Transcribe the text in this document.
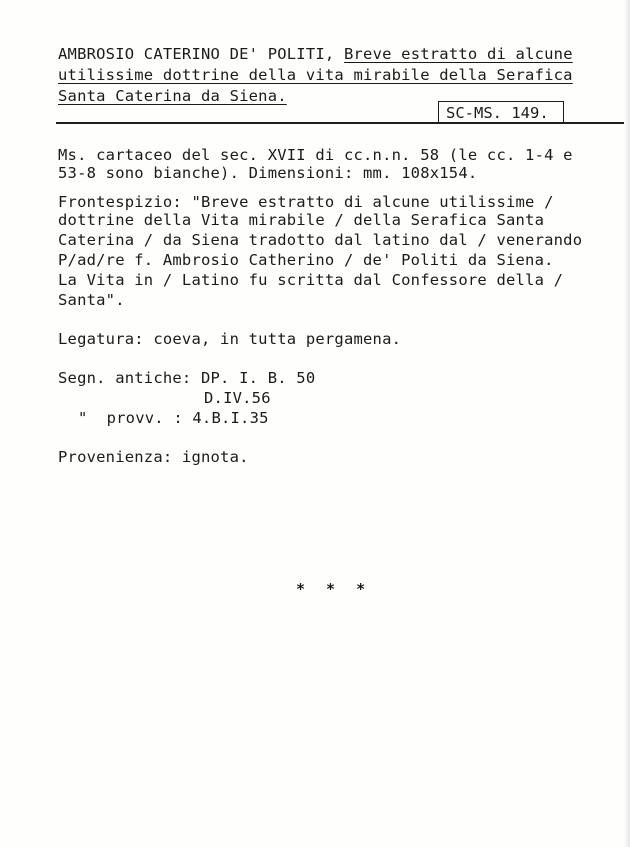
AMBROSIO CATERINO DE' POLITI, Breve estratto di alcune
utilissime dottrine della vita mirabile della Serafica
Santa Caterina da Siena.
SC-MS. 149.
Ms. cartaceo del sec. XVII di cc.n.n. 58 (le cc. 1-4 e
53-8 sono bianche). Dimensioni: mm. 108x154.
Frontespizio: "Breve estratto di alcune utilissime /
dottrine della Vita mirabile / della Serafica Santa
Caterina / da Siena tradotto dal latino dal / venerando
P/ad/re f. Ambrosio Catherino / de' Politi da Siena.
La Vita in / Latino fu scritta dal Confessore della /
Santa".
Legatura: coeva, in tutta pergamena.
Segn. antiche: DP. I. B. 50
D.IV.56
"  provv. : 4.B.I.35
Provenienza: ignota.
* * *
